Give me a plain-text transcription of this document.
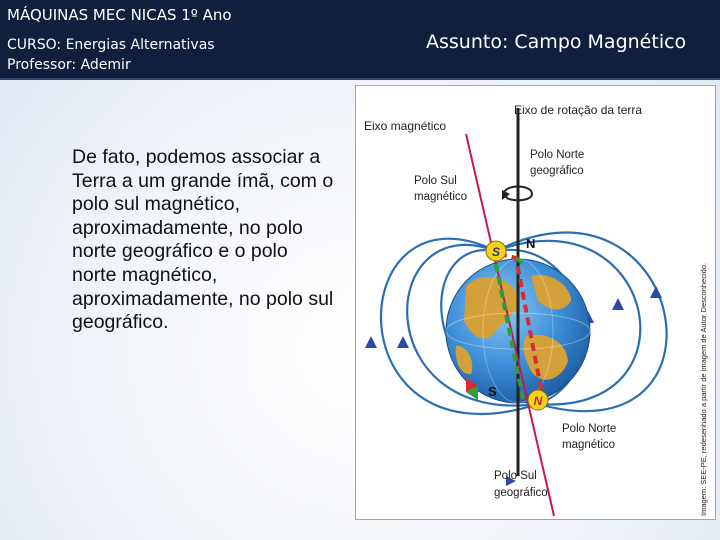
MÁQUINAS MEC NICAS 1º Ano
CURSO: Energias Alternativas
Professor: Ademir
Assunto: Campo Magnético
De fato, podemos associar a Terra a um grande ímã, com o polo sul magnético, aproximadamente, no polo norte geográfico e o polo norte magnético, aproximadamente, no polo sul geográfico.
S
N
Eixo de rotação da terra
Eixo magnético
Polo Norte
geográfico
Polo Sul
magnético
Polo Norte
magnético
Polo Sul
geográfico
N
S	Imagem: SEE-PE, redesenhado a partir de imagem de Autor Desconhecido.
